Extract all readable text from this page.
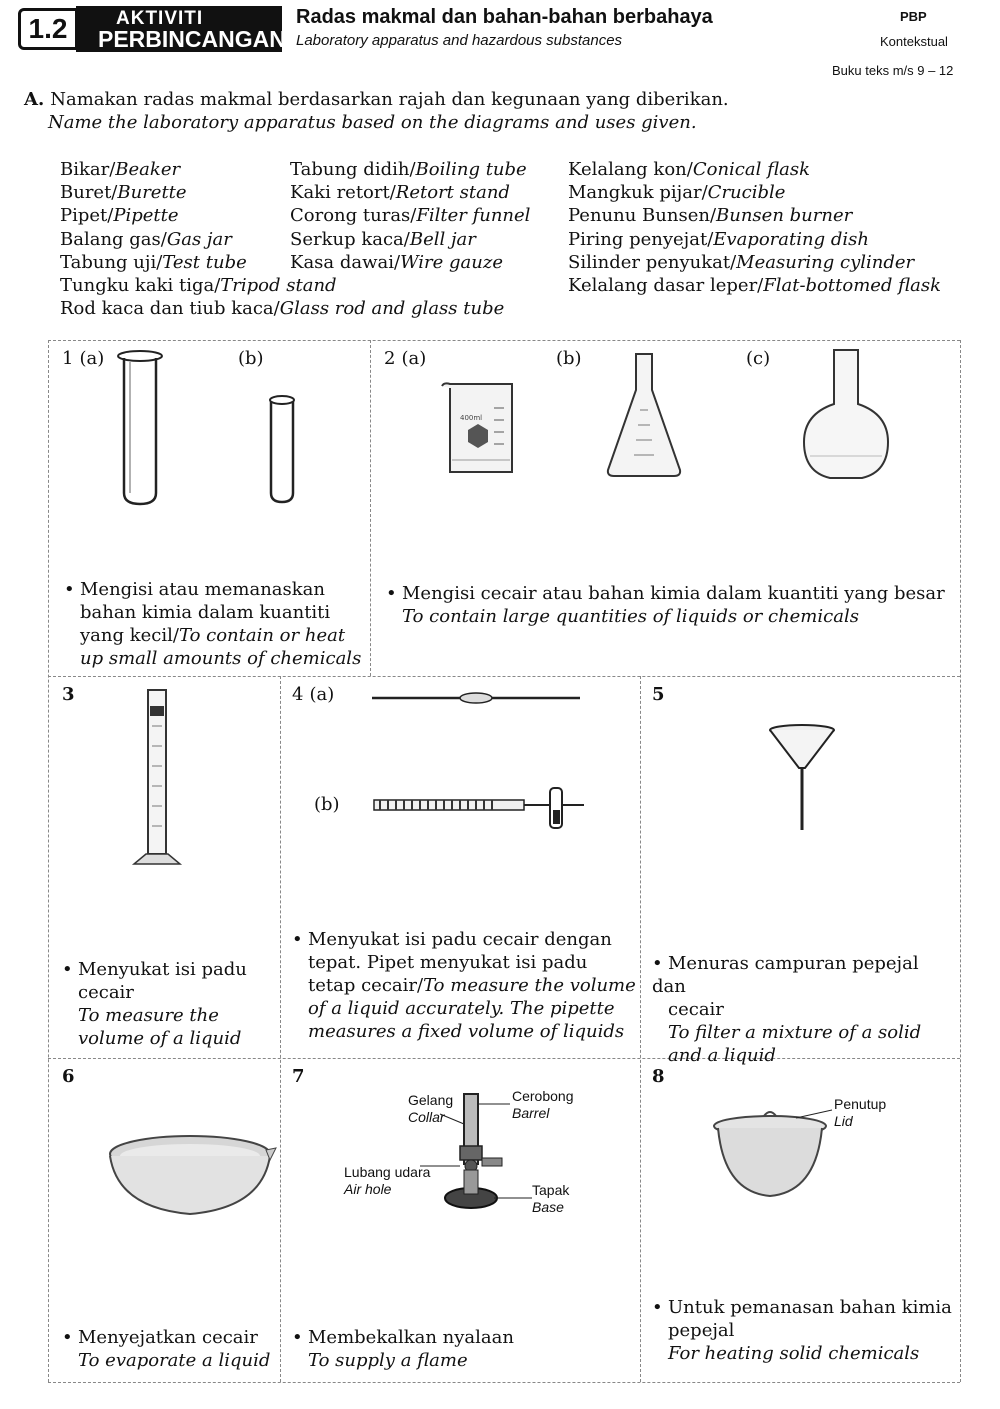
1.2	AKTIVITI
PERBINCANGAN
Radas makmal dan bahan-bahan berbahaya
Laboratory apparatus and hazardous substances
PBP
Kontekstual
Buku teks m/s 9 – 12
A. Namakan radas makmal berdasarkan rajah dan kegunaan yang diberikan.
Name the laboratory apparatus based on the diagrams and uses given.
Bikar/Beaker
Buret/Burette
Pipet/Pipette
Balang gas/Gas jar
Tabung uji/Test tube
Tungku kaki tiga/Tripod stand
Rod kaca dan tiub kaca/Glass rod and glass tube
Tabung didih/Boiling tube
Kaki retort/Retort stand
Corong turas/Filter funnel
Serkup kaca/Bell jar
Kasa dawai/Wire gauze
Kelalang kon/Conical flask
Mangkuk pijar/Crucible
Penunu Bunsen/Bunsen burner
Piring penyejat/Evaporating dish
Silinder penyukat/Measuring cylinder
Kelalang dasar leper/Flat-bottomed flask
1 (a)	(b)
• Mengisi atau memanaskan
bahan kimia dalam kuantiti
yang kecil/To contain or heat
up small amounts of chemicals
2 (a)	(b)	(c)
400ml
• Mengisi cecair atau bahan kimia dalam kuantiti yang besar
To contain large quantities of liquids or chemicals
3
• Menyukat isi padu
cecair
To measure the
volume of a liquid
4 (a)
(b)
• Menyukat isi padu cecair dengan
tepat. Pipet menyukat isi padu
tetap cecair/To measure the volume
of a liquid accurately. The pipette
measures a fixed volume of liquids
5
• Menuras campuran pepejal dan
cecair
To filter a mixture of a solid
and a liquid
6
• Menyejatkan cecair
To evaporate a liquid
7
Gelang
Collar
Cerobong
Barrel
Lubang udara
Air hole	Tapak
Base
• Membekalkan nyalaan
To supply a flame
8
Penutup
Lid
• Untuk pemanasan bahan kimia
pepejal
For heating solid chemicals
